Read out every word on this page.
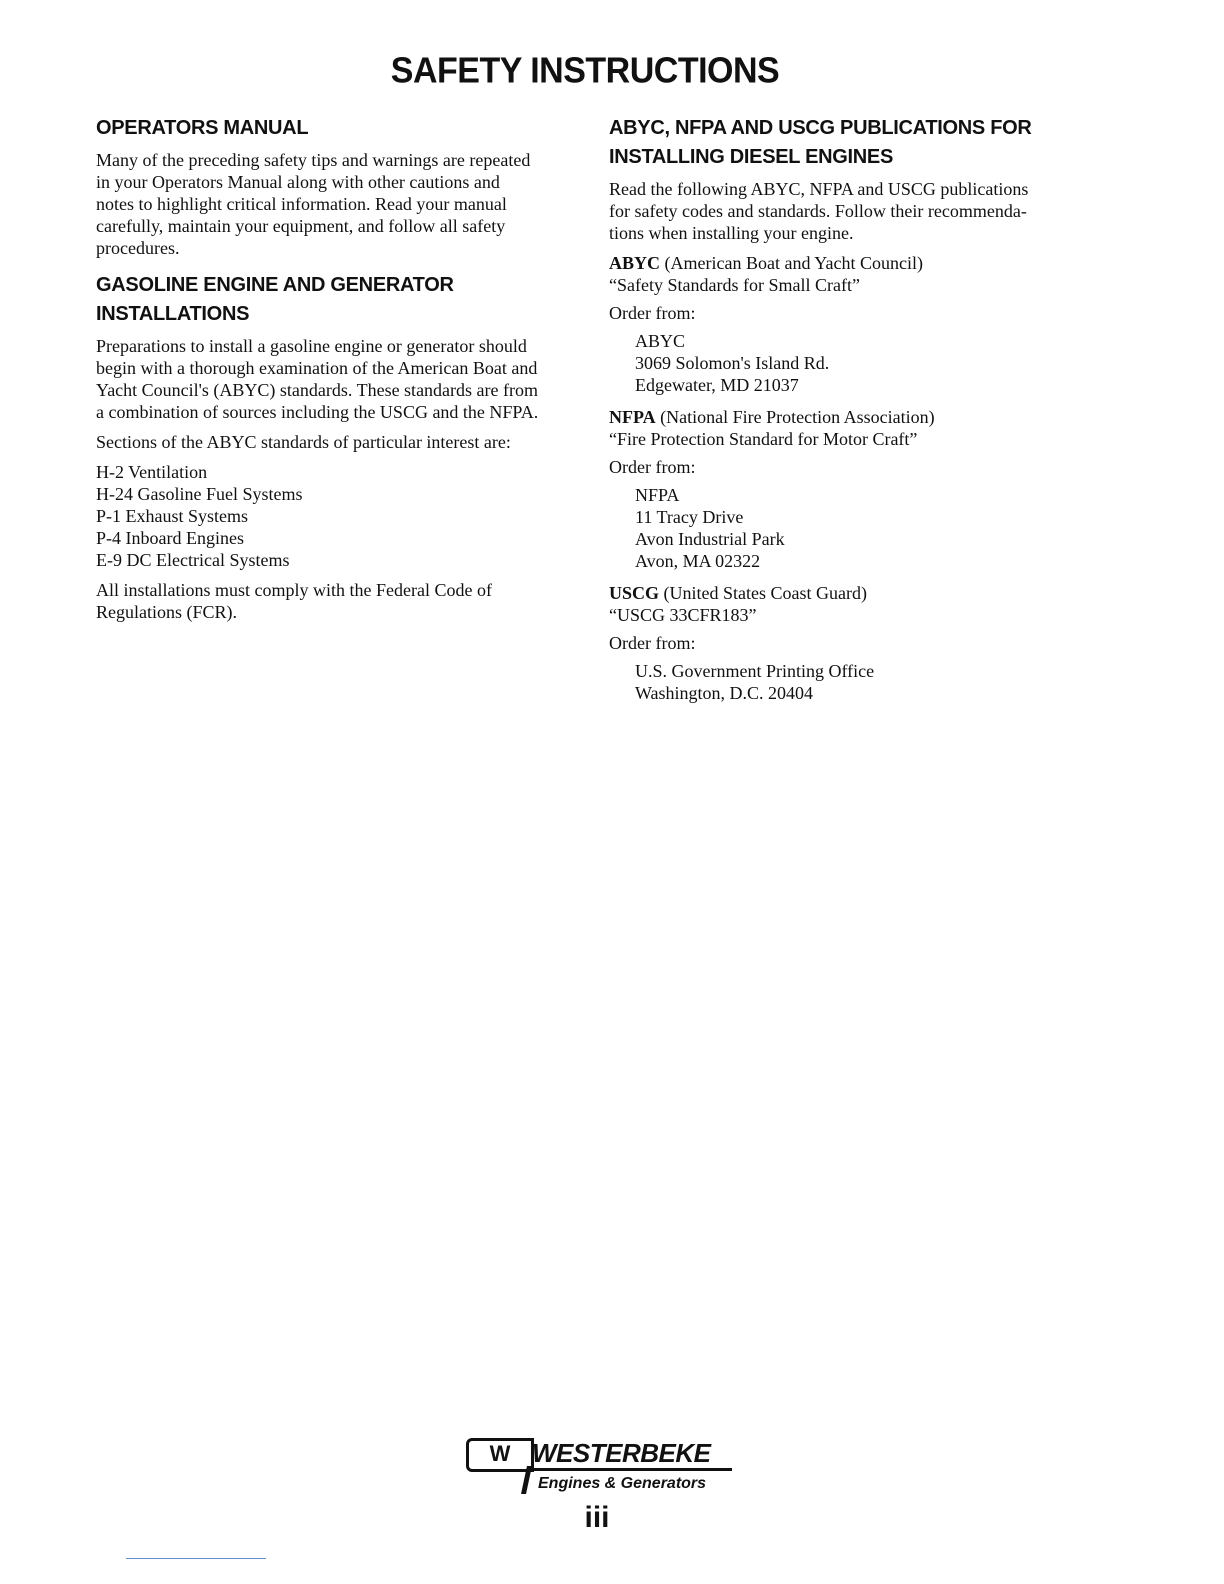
SAFETY INSTRUCTIONS
OPERATORS MANUAL

Many of the preceding safety tips and warnings are repeated
in your Operators Manual along with other cautions and
notes to highlight critical information. Read your manual
carefully, maintain your equipment, and follow all safety
procedures.

GASOLINE ENGINE AND GENERATOR INSTALLATIONS

Preparations to install a gasoline engine or generator should
begin with a thorough examination of the American Boat and
Yacht Council's (ABYC) standards. These standards are from
a combination of sources including the USCG and the NFPA.

Sections of the ABYC standards of particular interest are:

H-2 Ventilation
H-24 Gasoline Fuel Systems
P-1 Exhaust Systems
P-4 Inboard Engines
E-9 DC Electrical Systems

All installations must comply with the Federal Code of
Regulations (FCR).

ABYC, NFPA AND USCG PUBLICATIONS FOR
INSTALLING DIESEL ENGINES

Read the following ABYC, NFPA and USCG publications
for safety codes and standards. Follow their recommenda-
tions when installing your engine.

ABYC (American Boat and Yacht Council)
“Safety Standards for Small Craft”
Order from:
ABYC
3069 Solomon's Island Rd.
Edgewater, MD 21037
NFPA (National Fire Protection Association)
“Fire Protection Standard for Motor Craft”
Order from:
NFPA
11 Tracy Drive
Avon Industrial Park
Avon, MA 02322
USCG (United States Coast Guard)
“USCG 33CFR183”
Order from:
U.S. Government Printing Office
Washington, D.C. 20404
W WESTERBEKE
Engines & Generators
iii
